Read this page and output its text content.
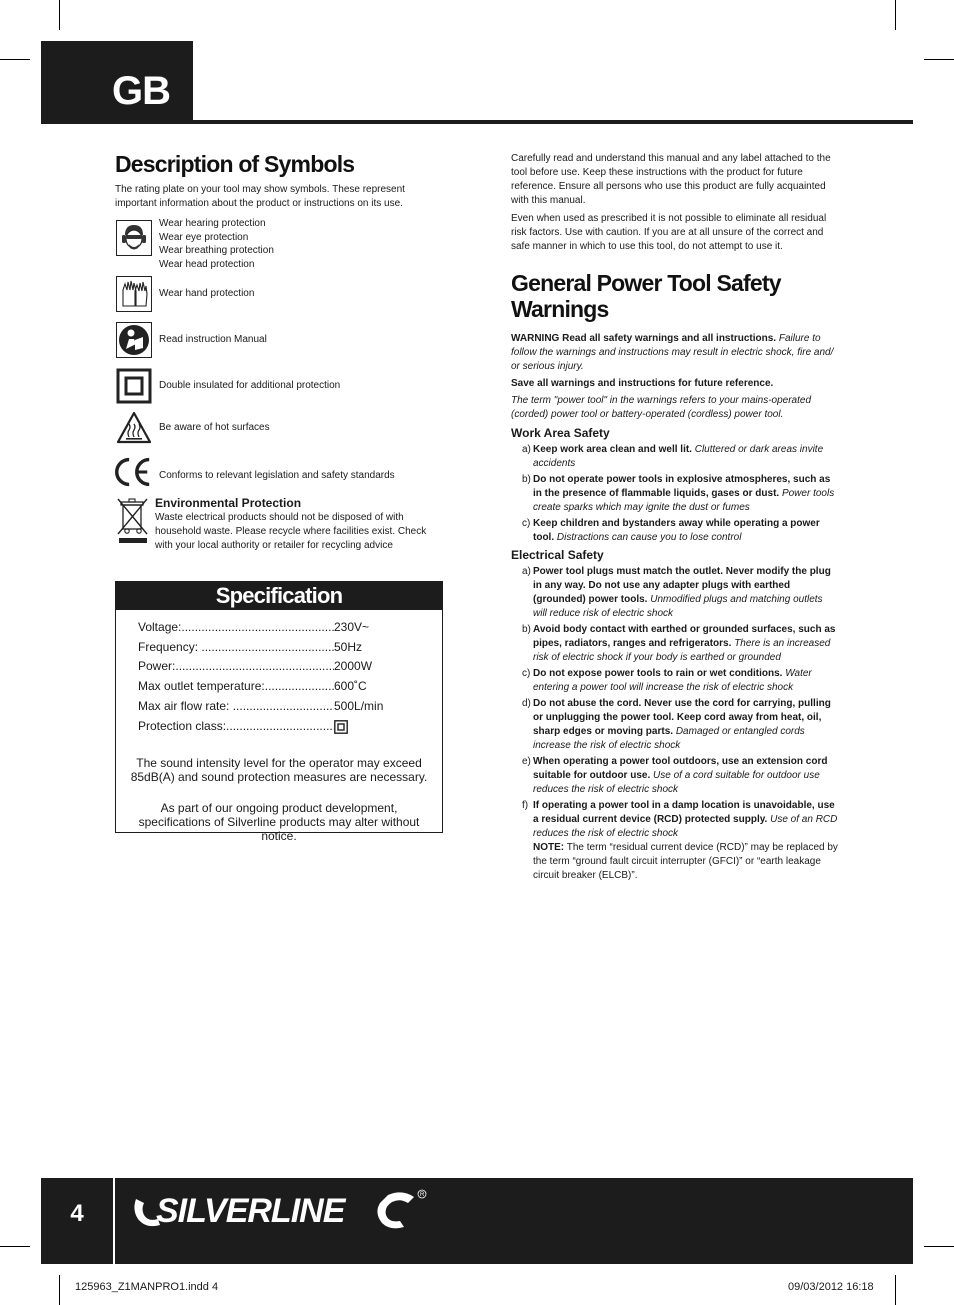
GB
Description of Symbols

The rating plate on your tool may show symbols. These represent important information about the product or instructions on its use.

Wear hearing protection
Wear eye protection
Wear breathing protection
Wear head protection
Wear hand protection
Read instruction Manual
Double insulated for additional protection
Be aware of hot surfaces
Conforms to relevant legislation and safety standards
Environmental Protection
Waste electrical products should not be disposed of with household waste. Please recycle where facilities exist. Check with your local authority or retailer for recycling advice
Specification
Voltage: .....	230V~
Frequency: .....	50Hz
Power: .....	2000W
Max outlet temperature: .....	600˚C
Max air flow rate: .....	500L/min
Protection class: .....

The sound intensity level for the operator may exceed 85dB(A) and sound protection measures are necessary.

As part of our ongoing product development, specifications of Silverline products may alter without notice.

Carefully read and understand this manual and any label attached to the tool before use. Keep these instructions with the product for future reference. Ensure all persons who use this product are fully acquainted with this manual.

Even when used as prescribed it is not possible to eliminate all residual risk factors. Use with caution. If you are at all unsure of the correct and safe manner in which to use this tool, do not attempt to use it.

General Power Tool Safety Warnings

WARNING Read all safety warnings and all instructions. Failure to follow the warnings and instructions may result in electric shock, fire and/ or serious injury.

Save all warnings and instructions for future reference.

The term "power tool" in the warnings refers to your mains-operated (corded) power tool or battery-operated (cordless) power tool.

Work Area Safety
a) Keep work area clean and well lit. Cluttered or dark areas invite accidents
b) Do not operate power tools in explosive atmospheres, such as in the presence of flammable liquids, gases or dust. Power tools create sparks which may ignite the dust or fumes
c) Keep children and bystanders away while operating a power tool. Distractions can cause you to lose control
Electrical Safety
a) Power tool plugs must match the outlet. Never modify the plug in any way. Do not use any adapter plugs with earthed (grounded) power tools. Unmodified plugs and matching outlets will reduce risk of electric shock
b) Avoid body contact with earthed or grounded surfaces, such as pipes, radiators, ranges and refrigerators. There is an increased risk of electric shock if your body is earthed or grounded
c) Do not expose power tools to rain or wet conditions. Water entering a power tool will increase the risk of electric shock
d) Do not abuse the cord. Never use the cord for carrying, pulling or unplugging the power tool. Keep cord away from heat, oil, sharp edges or moving parts. Damaged or entangled cords increase the risk of electric shock
e) When operating a power tool outdoors, use an extension cord suitable for outdoor use. Use of a cord suitable for outdoor use reduces the risk of electric shock
f) If operating a power tool in a damp location is unavoidable, use a residual current device (RCD) protected supply. Use of an RCD reduces the risk of electric shock
NOTE: The term “residual current device (RCD)” may be replaced by the term “ground fault circuit interrupter (GFCI)” or “earth leakage circuit breaker (ELCB)”.
4	SILVERLINE	R
125963_Z1MANPRO1.indd 4	09/03/2012 16:18
